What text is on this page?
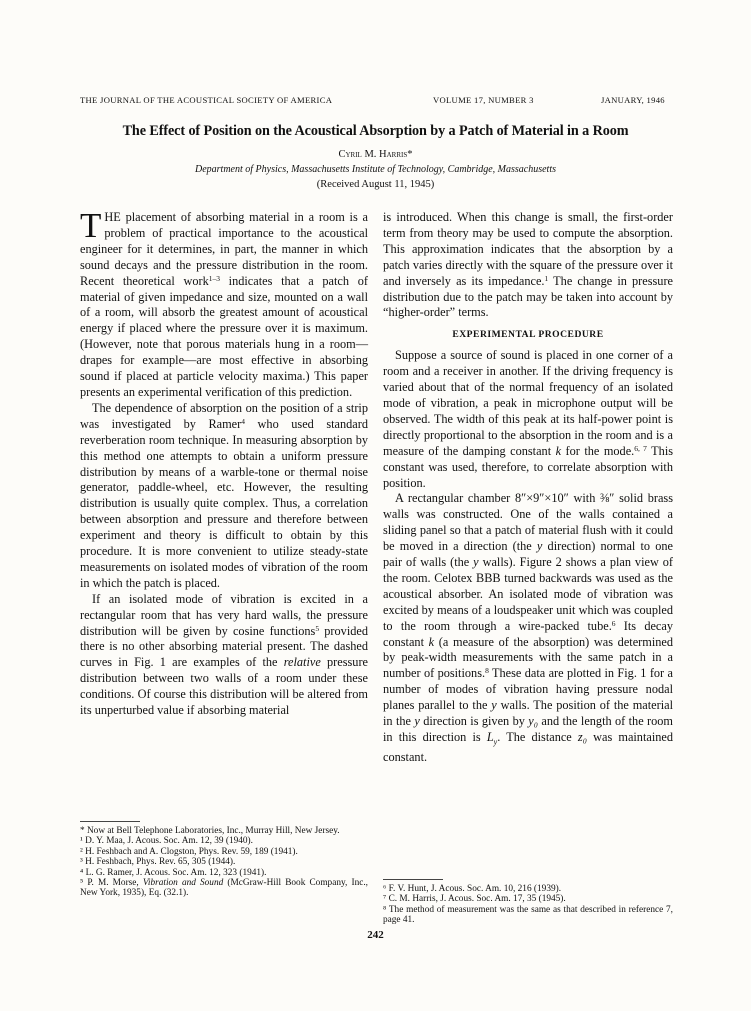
THE JOURNAL OF THE ACOUSTICAL SOCIETY OF AMERICA	VOLUME 17, NUMBER 3	JANUARY, 1946
The Effect of Position on the Acoustical Absorption by a Patch of Material in a Room
Cyril M. Harris*
Department of Physics, Massachusetts Institute of Technology, Cambridge, Massachusetts
(Received August 11, 1945)

THE placement of absorbing material in a room is a problem of practical importance to the acoustical engineer for it determines, in part, the manner in which sound decays and the pressure distribution in the room. Recent theoretical work$^{1-3}$ indicates that a patch of material of given impedance and size, mounted on a wall of a room, will absorb the greatest amount of acoustical energy if placed where the pressure over it is maximum. (However, note that porous materials hung in a room—drapes for example—are most effective in absorbing sound if placed at particle velocity maxima.) This paper presents an experimental verification of this prediction.

The dependence of absorption on the position of a strip was investigated by Ramer$^4$ who used standard reverberation room technique. In measuring absorption by this method one attempts to obtain a uniform pressure distribution by means of a warble-tone or thermal noise generator, paddle-wheel, etc. However, the resulting distribution is usually quite complex. Thus, a correlation between absorption and pressure and therefore between experiment and theory is difficult to obtain by this procedure. It is more convenient to utilize steady-state measurements on isolated modes of vibration of the room in which the patch is placed.

If an isolated mode of vibration is excited in a rectangular room that has very hard walls, the pressure distribution will be given by cosine functions$^5$ provided there is no other absorbing material present. The dashed curves in Fig. 1 are examples of the relative pressure distribution between two walls of a room under these conditions. Of course this distribution will be altered from its unperturbed value if absorbing material

is introduced. When this change is small, the first-order term from theory may be used to compute the absorption. This approximation indicates that the absorption by a patch varies directly with the square of the pressure over it and inversely as its impedance.$^1$ The change in pressure distribution due to the patch may be taken into account by “higher-order” terms.

EXPERIMENTAL PROCEDURE

Suppose a source of sound is placed in one corner of a room and a receiver in another. If the driving frequency is varied about that of the normal frequency of an isolated mode of vibration, a peak in microphone output will be observed. The width of this peak at its half-power point is directly proportional to the absorption in the room and is a measure of the damping constant k for the mode.$^{6, 7}$ This constant was used, therefore, to correlate absorption with position.

A rectangular chamber 8″×9″×10″ with ⅜″ solid brass walls was constructed. One of the walls contained a sliding panel so that a patch of material flush with it could be moved in a direction (the y direction) normal to one pair of walls (the y walls). Figure 2 shows a plan view of the room. Celotex BBB turned backwards was used as the acoustical absorber. An isolated mode of vibration was excited by means of a loudspeaker unit which was coupled to the room through a wire-packed tube.$^6$ Its decay constant k (a measure of the absorption) was determined by peak-width measurements with the same patch in a number of positions.$^8$ These data are plotted in Fig. 1 for a number of modes of vibration having pressure nodal planes parallel to the y walls. The position of the material in the y direction is given by y₀ and the length of the room in this direction is $L_y$. The distance z₀ was maintained constant.

* Now at Bell Telephone Laboratories, Inc., Murray Hill, New Jersey.
¹ D. Y. Maa, J. Acous. Soc. Am. 12, 39 (1940).
² H. Feshbach and A. Clogston, Phys. Rev. 59, 189 (1941).
³ H. Feshbach, Phys. Rev. 65, 305 (1944).
⁴ L. G. Ramer, J. Acous. Soc. Am. 12, 323 (1941).
⁵ P. M. Morse, Vibration and Sound (McGraw-Hill Book Company, Inc., New York, 1935), Eq. (32.1).	⁶ F. V. Hunt, J. Acous. Soc. Am. 10, 216 (1939).
⁷ C. M. Harris, J. Acous. Soc. Am. 17, 35 (1945).
⁸ The method of measurement was the same as that described in reference 7, page 41.
242
